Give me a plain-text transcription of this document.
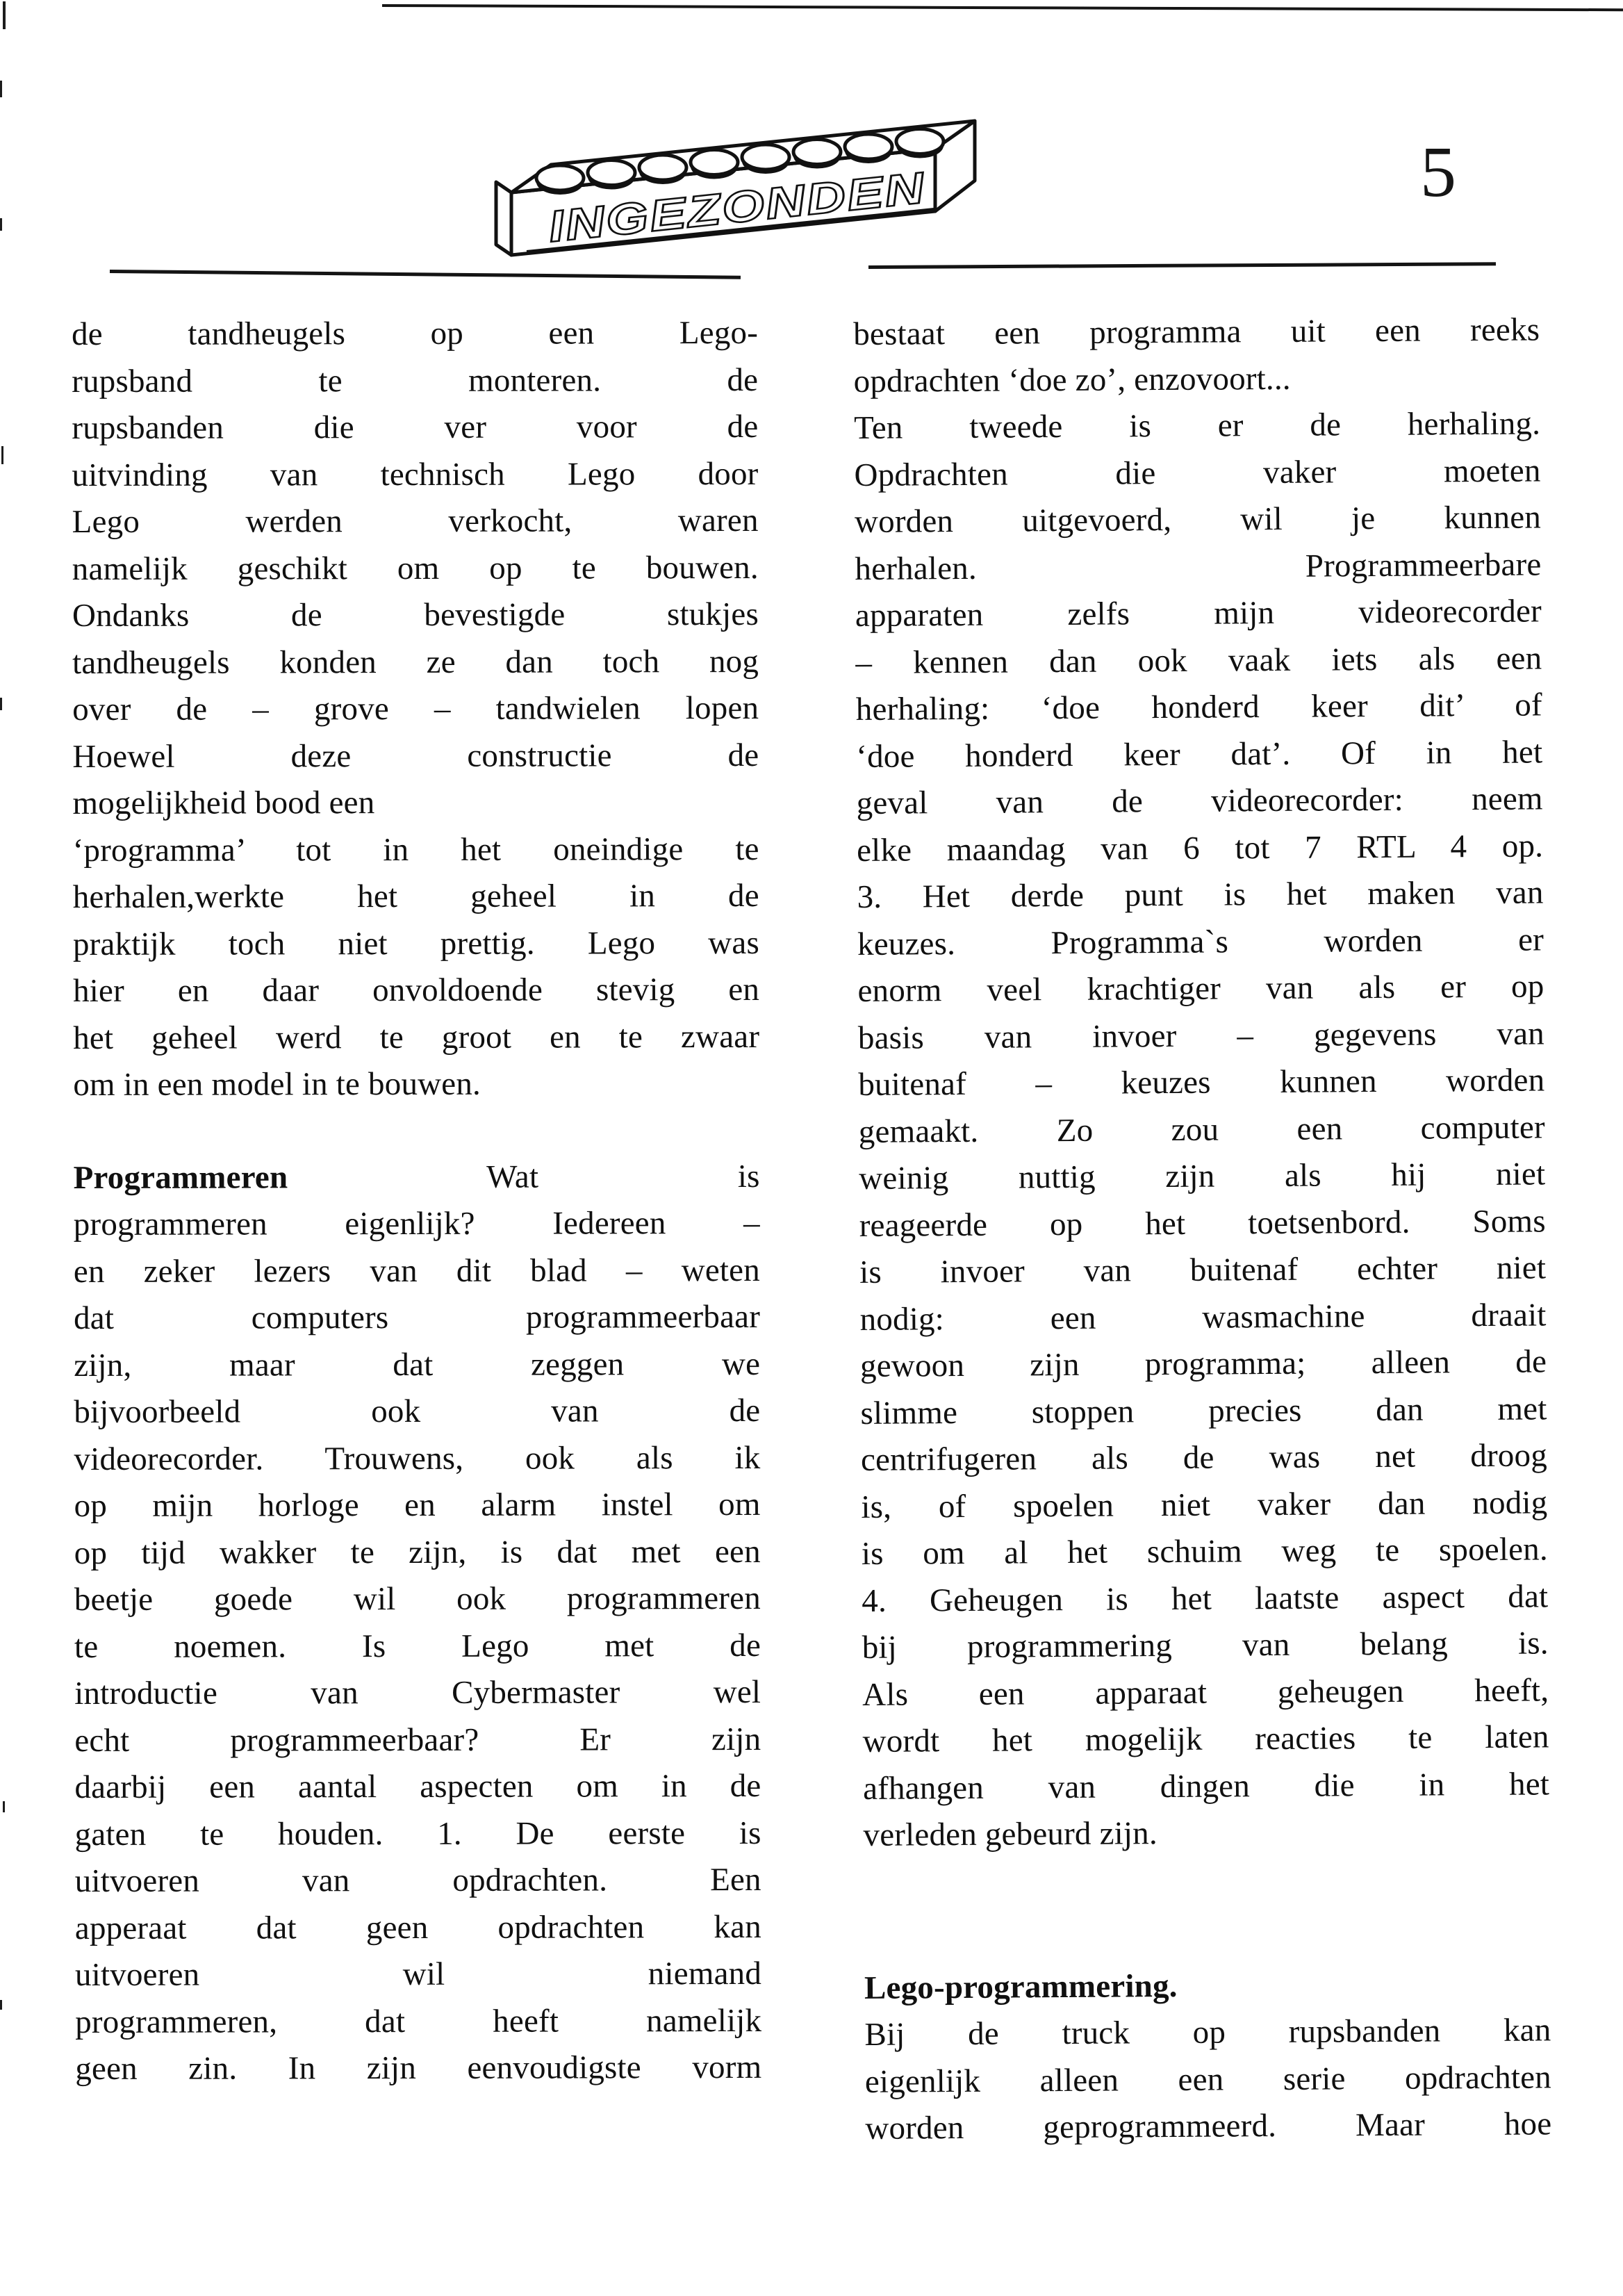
INGEZONDEN	5
de tandheugels op een Lego-
rupsband te monteren. de
rupsbanden die ver voor de
uitvinding van technisch Lego door
Lego werden verkocht, waren
namelijk geschikt om op te bouwen.
Ondanks de bevestigde stukjes
tandheugels konden ze dan toch nog
over de – grove – tandwielen lopen
Hoewel deze constructie de
mogelijkheid bood een
‘programma’ tot in het oneindige te
herhalen,werkte het geheel in de
praktijk toch niet prettig. Lego was
hier en daar onvoldoende stevig en
het geheel werd te groot en te zwaar
om in een model in te bouwen.
Programmeren Wat is
programmeren eigenlijk? Iedereen –
en zeker lezers van dit blad – weten
dat computers programmeerbaar
zijn, maar dat zeggen we
bijvoorbeeld ook van de
videorecorder. Trouwens, ook als ik
op mijn horloge en alarm instel om
op tijd wakker te zijn, is dat met een
beetje goede wil ook programmeren
te noemen. Is Lego met de
introductie van Cybermaster wel
echt programmeerbaar? Er zijn
daarbij een aantal aspecten om in de
gaten te houden. 1. De eerste is
uitvoeren van opdrachten. Een
apperaat dat geen opdrachten kan
uitvoeren wil niemand
programmeren, dat heeft namelijk
geen zin. In zijn eenvoudigste vorm
bestaat een programma uit een reeks
opdrachten ‘doe zo’, enzovoort...
Ten tweede is er de herhaling.
Opdrachten die vaker moeten
worden uitgevoerd, wil je kunnen
herhalen. Programmeerbare
apparaten zelfs mijn videorecorder
– kennen dan ook vaak iets als een
herhaling: ‘doe honderd keer dit’ of
‘doe honderd keer dat’. Of in het
geval van de videorecorder: neem
elke maandag van 6 tot 7 RTL 4 op.
3. Het derde punt is het maken van
keuzes. Programma`s worden er
enorm veel krachtiger van als er op
basis van invoer – gegevens van
buitenaf – keuzes kunnen worden
gemaakt. Zo zou een computer
weinig nuttig zijn als hij niet
reageerde op het toetsenbord. Soms
is invoer van buitenaf echter niet
nodig: een wasmachine draait
gewoon zijn programma; alleen de
slimme stoppen precies dan met
centrifugeren als de was net droog
is, of spoelen niet vaker dan nodig
is om al het schuim weg te spoelen.
4. Geheugen is het laatste aspect dat
bij programmering van belang is.
Als een apparaat geheugen heeft,
wordt het mogelijk reacties te laten
afhangen van dingen die in het
verleden gebeurd zijn.
Lego-programmering.
Bij de truck op rupsbanden kan
eigenlijk alleen een serie opdrachten
worden geprogrammeerd. Maar hoe
